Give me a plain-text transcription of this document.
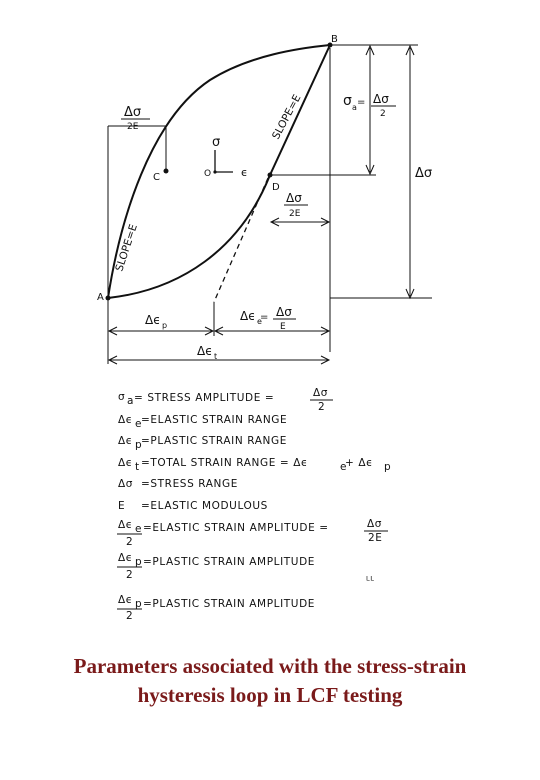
A
B
C
D
SLOPE=E
SLOPE=E
σ
O	ϵ
Δσ
2E
σ a = Δσ
2
Δσ
Δσ
2E
Δϵ p
Δϵ e
= Δσ
E
Δϵ t
σ a = STRESS AMPLITUDE =	Δσ
2
Δϵ e
=ELASTIC STRAIN RANGE
Δϵ p
=PLASTIC STRAIN RANGE
Δϵ t =TOTAL STRAIN RANGE = Δϵ	e
+ Δϵ p
Δσ =STRESS RANGE
E =ELASTIC MODULOUS
Δϵ e
2
=ELASTIC STRAIN AMPLITUDE =	Δσ
2E
Δϵ p
2
=PLASTIC STRAIN AMPLITUDE
Δϵ p
2
=PLASTIC STRAIN AMPLITUDE
ᴸᴸ
Parameters associated with the stress-strain
hysteresis loop in LCF testing
